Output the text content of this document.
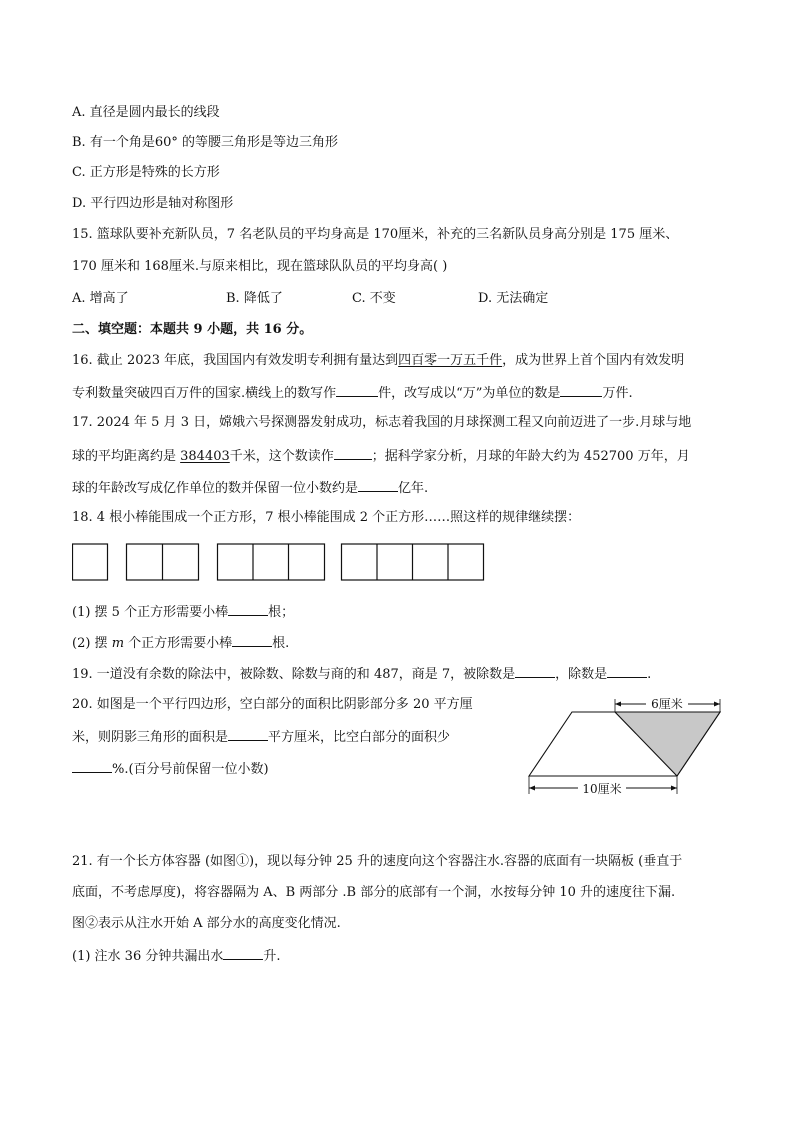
A. 直径是圆内最长的线段
B. 有一个角是60° 的等腰三角形是等边三角形
C. 正方形是特殊的长方形
D. 平行四边形是轴对称图形
15. 篮球队要补充新队员，7 名老队员的平均身高是 170厘米，补充的三名新队员身高分别是 175 厘米、
170 厘米和 168厘米.与原来相比，现在篮球队队员的平均身高( )
A. 增高了	B. 降低了	C. 不变	D. 无法确定
二、填空题：本题共 9 小题，共 16 分。
16. 截止 2023 年底，我国国内有效发明专利拥有量达到四百零一万五千件，成为世界上首个国内有效发明
专利数量突破四百万件的国家.横线上的数写作	件，改写成以“万”为单位的数是	万件.
17. 2024 年 5 月 3 日，嫦娥六号探测器发射成功，标志着我国的月球探测工程又向前迈进了一步.月球与地
球的平均距离约是 384403千米，这个数读作	；据科学家分析，月球的年龄大约为 452700 万年，月
球的年龄改写成亿作单位的数并保留一位小数约是	亿年.
18. 4 根小棒能围成一个正方形，7 根小棒能围成 2 个正方形……照这样的规律继续摆：
(1) 摆 5 个正方形需要小棒	根；
(2) 摆 m 个正方形需要小棒	根.
19. 一道没有余数的除法中，被除数、除数与商的和 487，商是 7，被除数是	，除数是	.
20. 如图是一个平行四边形，空白部分的面积比阴影部分多 20 平方厘
米，则阴影三角形的面积是	平方厘米，比空白部分的面积少
%.(百分号前保留一位小数)
6厘米
10厘米
21. 有一个长方体容器 (如图①)，现以每分钟 25 升的速度向这个容器注水.容器的底面有一块隔板 (垂直于
底面，不考虑厚度)，将容器隔为 A、B 两部分 .B 部分的底部有一个洞，水按每分钟 10 升的速度往下漏.
图②表示从注水开始 A 部分水的高度变化情况.
(1) 注水 36 分钟共漏出水	升.
